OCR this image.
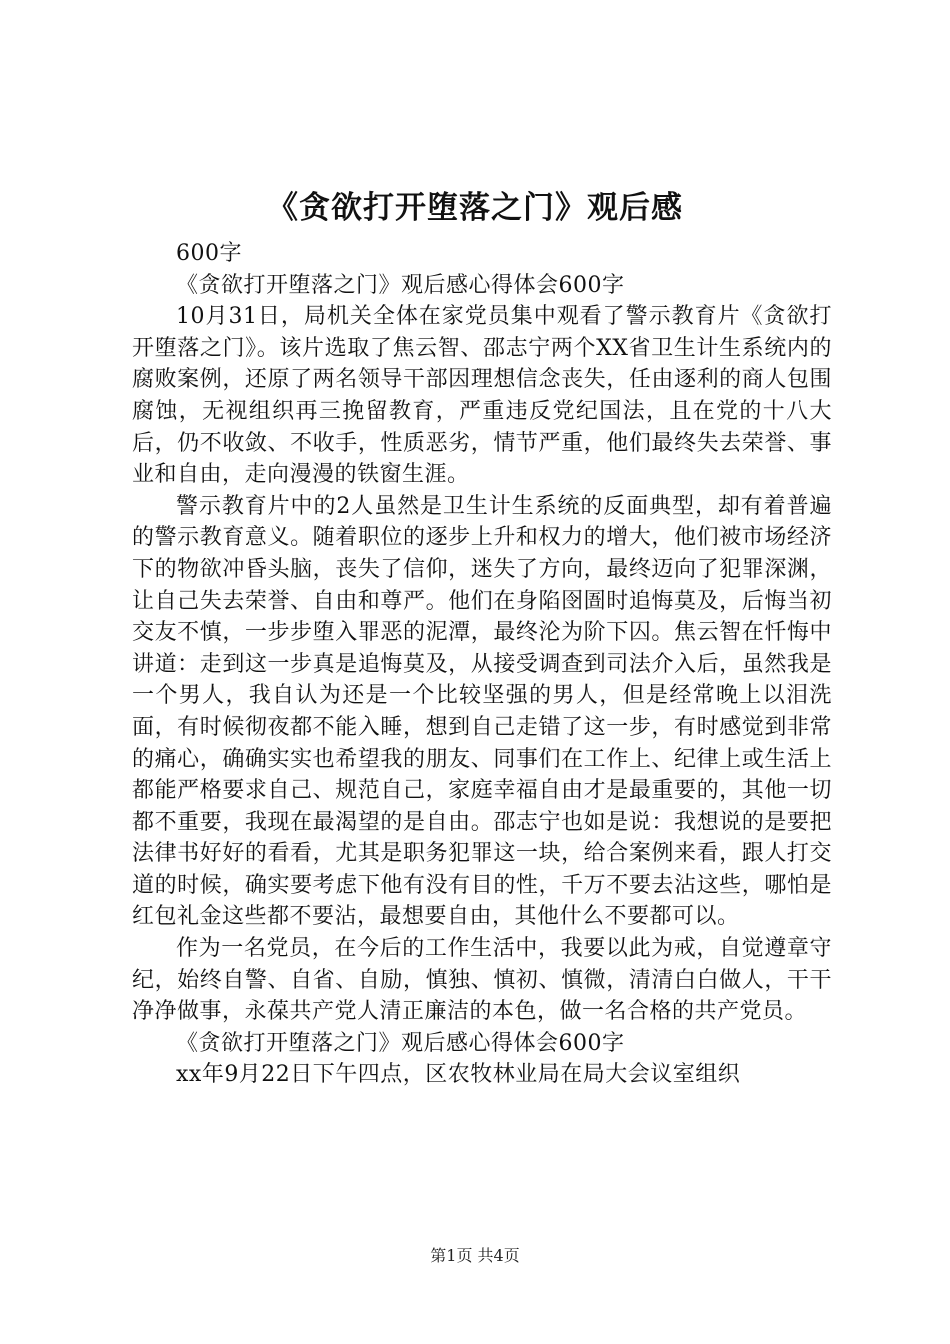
《贪欲打开堕落之门》观后感

600字

《贪欲打开堕落之门》观后感心得体会600字

10月31日，局机关全体在家党员集中观看了警示教育片《贪欲打开堕落之门》。该片选取了焦云智、邵志宁两个XX省卫生计生系统内的腐败案例，还原了两名领导干部因理想信念丧失，任由逐利的商人包围腐蚀，无视组织再三挽留教育，严重违反党纪国法，且在党的十八大后，仍不收敛、不收手，性质恶劣，情节严重，他们最终失去荣誉、事业和自由，走向漫漫的铁窗生涯。

警示教育片中的2人虽然是卫生计生系统的反面典型，却有着普遍的警示教育意义。随着职位的逐步上升和权力的增大，他们被市场经济下的物欲冲昏头脑，丧失了信仰，迷失了方向，最终迈向了犯罪深渊，让自己失去荣誉、自由和尊严。他们在身陷囹圄时追悔莫及，后悔当初交友不慎，一步步堕入罪恶的泥潭，最终沦为阶下囚。焦云智在忏悔中讲道：走到这一步真是追悔莫及，从接受调查到司法介入后，虽然我是一个男人，我自认为还是一个比较坚强的男人，但是经常晚上以泪洗面，有时候彻夜都不能入睡，想到自己走错了这一步，有时感觉到非常的痛心，确确实实也希望我的朋友、同事们在工作上、纪律上或生活上都能严格要求自己、规范自己，家庭幸福自由才是最重要的，其他一切都不重要，我现在最渴望的是自由。邵志宁也如是说：我想说的是要把法律书好好的看看，尤其是职务犯罪这一块，给合案例来看，跟人打交道的时候，确实要考虑下他有没有目的性，千万不要去沾这些，哪怕是红包礼金这些都不要沾，最想要自由，其他什么不要都可以。

作为一名党员，在今后的工作生活中，我要以此为戒，自觉遵章守纪，始终自警、自省、自励，慎独、慎初、慎微，清清白白做人，干干净净做事，永葆共产党人清正廉洁的本色，做一名合格的共产党员。

《贪欲打开堕落之门》观后感心得体会600字

xx年9月22日下午四点，区农牧林业局在局大会议室组织

第1页 共4页
